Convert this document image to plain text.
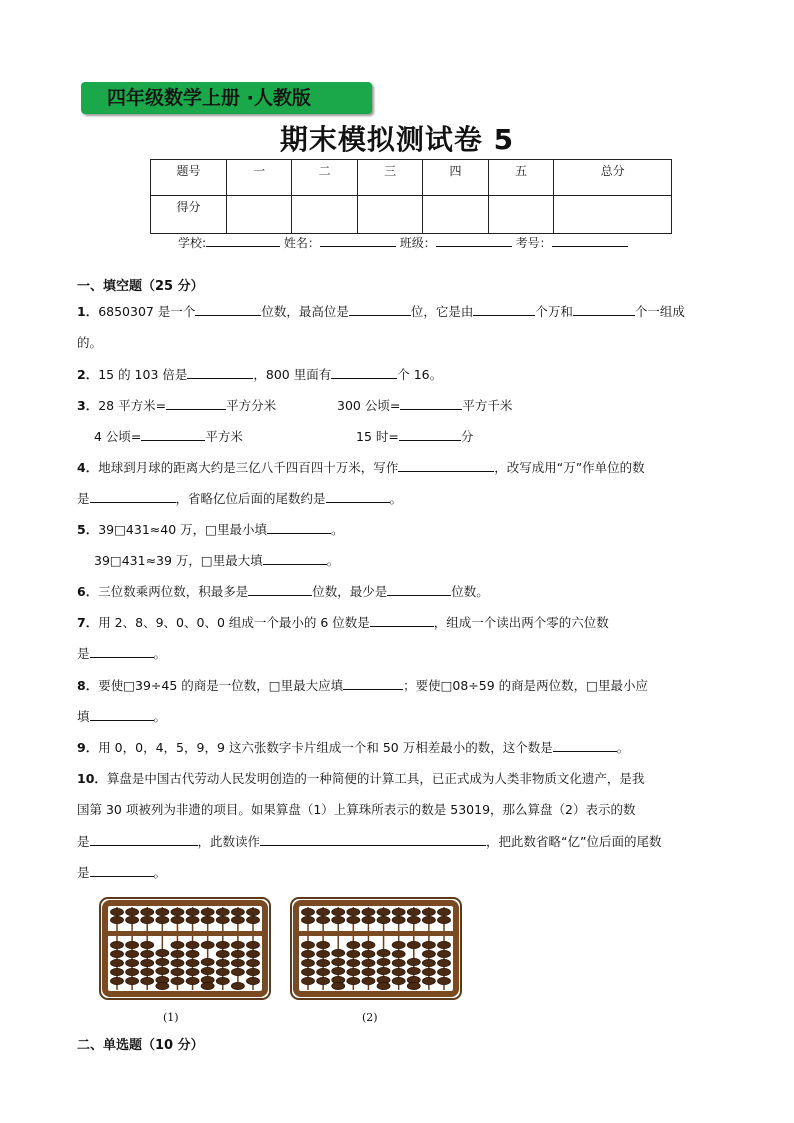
四年级数学上册 ·人教版
期末模拟测试卷 5
题号	一	二	三	四	五	总分
得分						
学校:	姓名：	班级：	考号：
一、填空题（25 分）
1．6850307 是一个	位数，最高位是	位，它是由	个万和	个一组成
的。
2．15 的 103 倍是	，800 里面有	个 16。
3．28 平方米=	平方分米	300 公顷=	平方千米
4 公顷=	平方米	15 时=	分
4．地球到月球的距离大约是三亿八千四百四十万米，写作	，改写成用“万”作单位的数
是	，省略亿位后面的尾数约是	。
5．39□431≈40 万，□里最小填	。
39□431≈39 万，□里最大填	。
6．三位数乘两位数，积最多是	位数，最少是	位数。
7．用 2、8、9、0、0、0 组成一个最小的 6 位数是	，组成一个读出两个零的六位数
是	。
8．要使□39÷45 的商是一位数，□里最大应填	；要使□08÷59 的商是两位数，□里最小应
填	。
9．用 0，0，4，5，9，9 这六张数字卡片组成一个和 50 万相差最小的数，这个数是	。
10．算盘是中国古代劳动人民发明创造的一种简便的计算工具，已正式成为人类非物质文化遗产，是我
国第 30 项被列为非遗的项目。如果算盘（1）上算珠所表示的数是 53019，那么算盘（2）表示的数
是	，此数读作	，把此数省略“亿”位后面的尾数
是	。
(1)	(2)
二、单选题（10 分）
